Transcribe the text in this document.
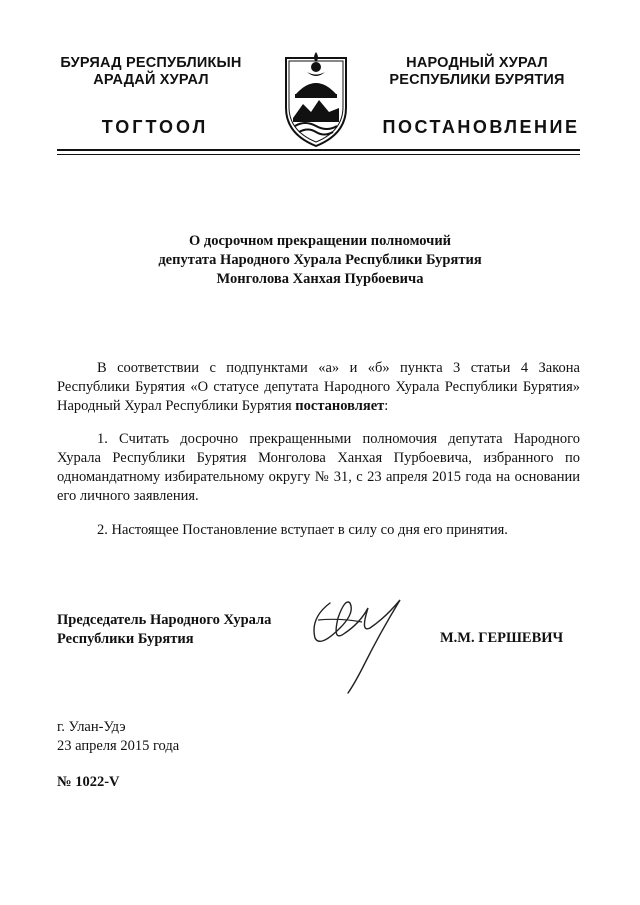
БУРЯАД РЕСПУБЛИКЫН
АРАДАЙ ХУРАЛ
НАРОДНЫЙ ХУРАЛ
РЕСПУБЛИКИ БУРЯТИЯ
ТОГТООЛ	ПОСТАНОВЛЕНИЕ
О досрочном прекращении полномочий
депутата Народного Хурала Республики Бурятия
Монголова Ханхая Пурбоевича

В соответствии с подпунктами «а» и «б» пункта 3 статьи 4 Закона Республики Бурятия «О статусе депутата Народного Хурала Республики Бурятия» Народный Хурал Республики Бурятия постановляет:

1. Считать досрочно прекращенными полномочия депутата Народного Хурала Республики Бурятия Монголова Ханхая Пурбоевича, избранного по одномандатному избирательному округу № 31, с 23 апреля 2015 года на основании его личного заявления.

2. Настоящее Постановление вступает в силу со дня его принятия.

Председатель Народного Хурала
Республики Бурятия	М.М. ГЕРШЕВИЧ
г. Улан-Удэ
23 апреля 2015 года
№ 1022-V
